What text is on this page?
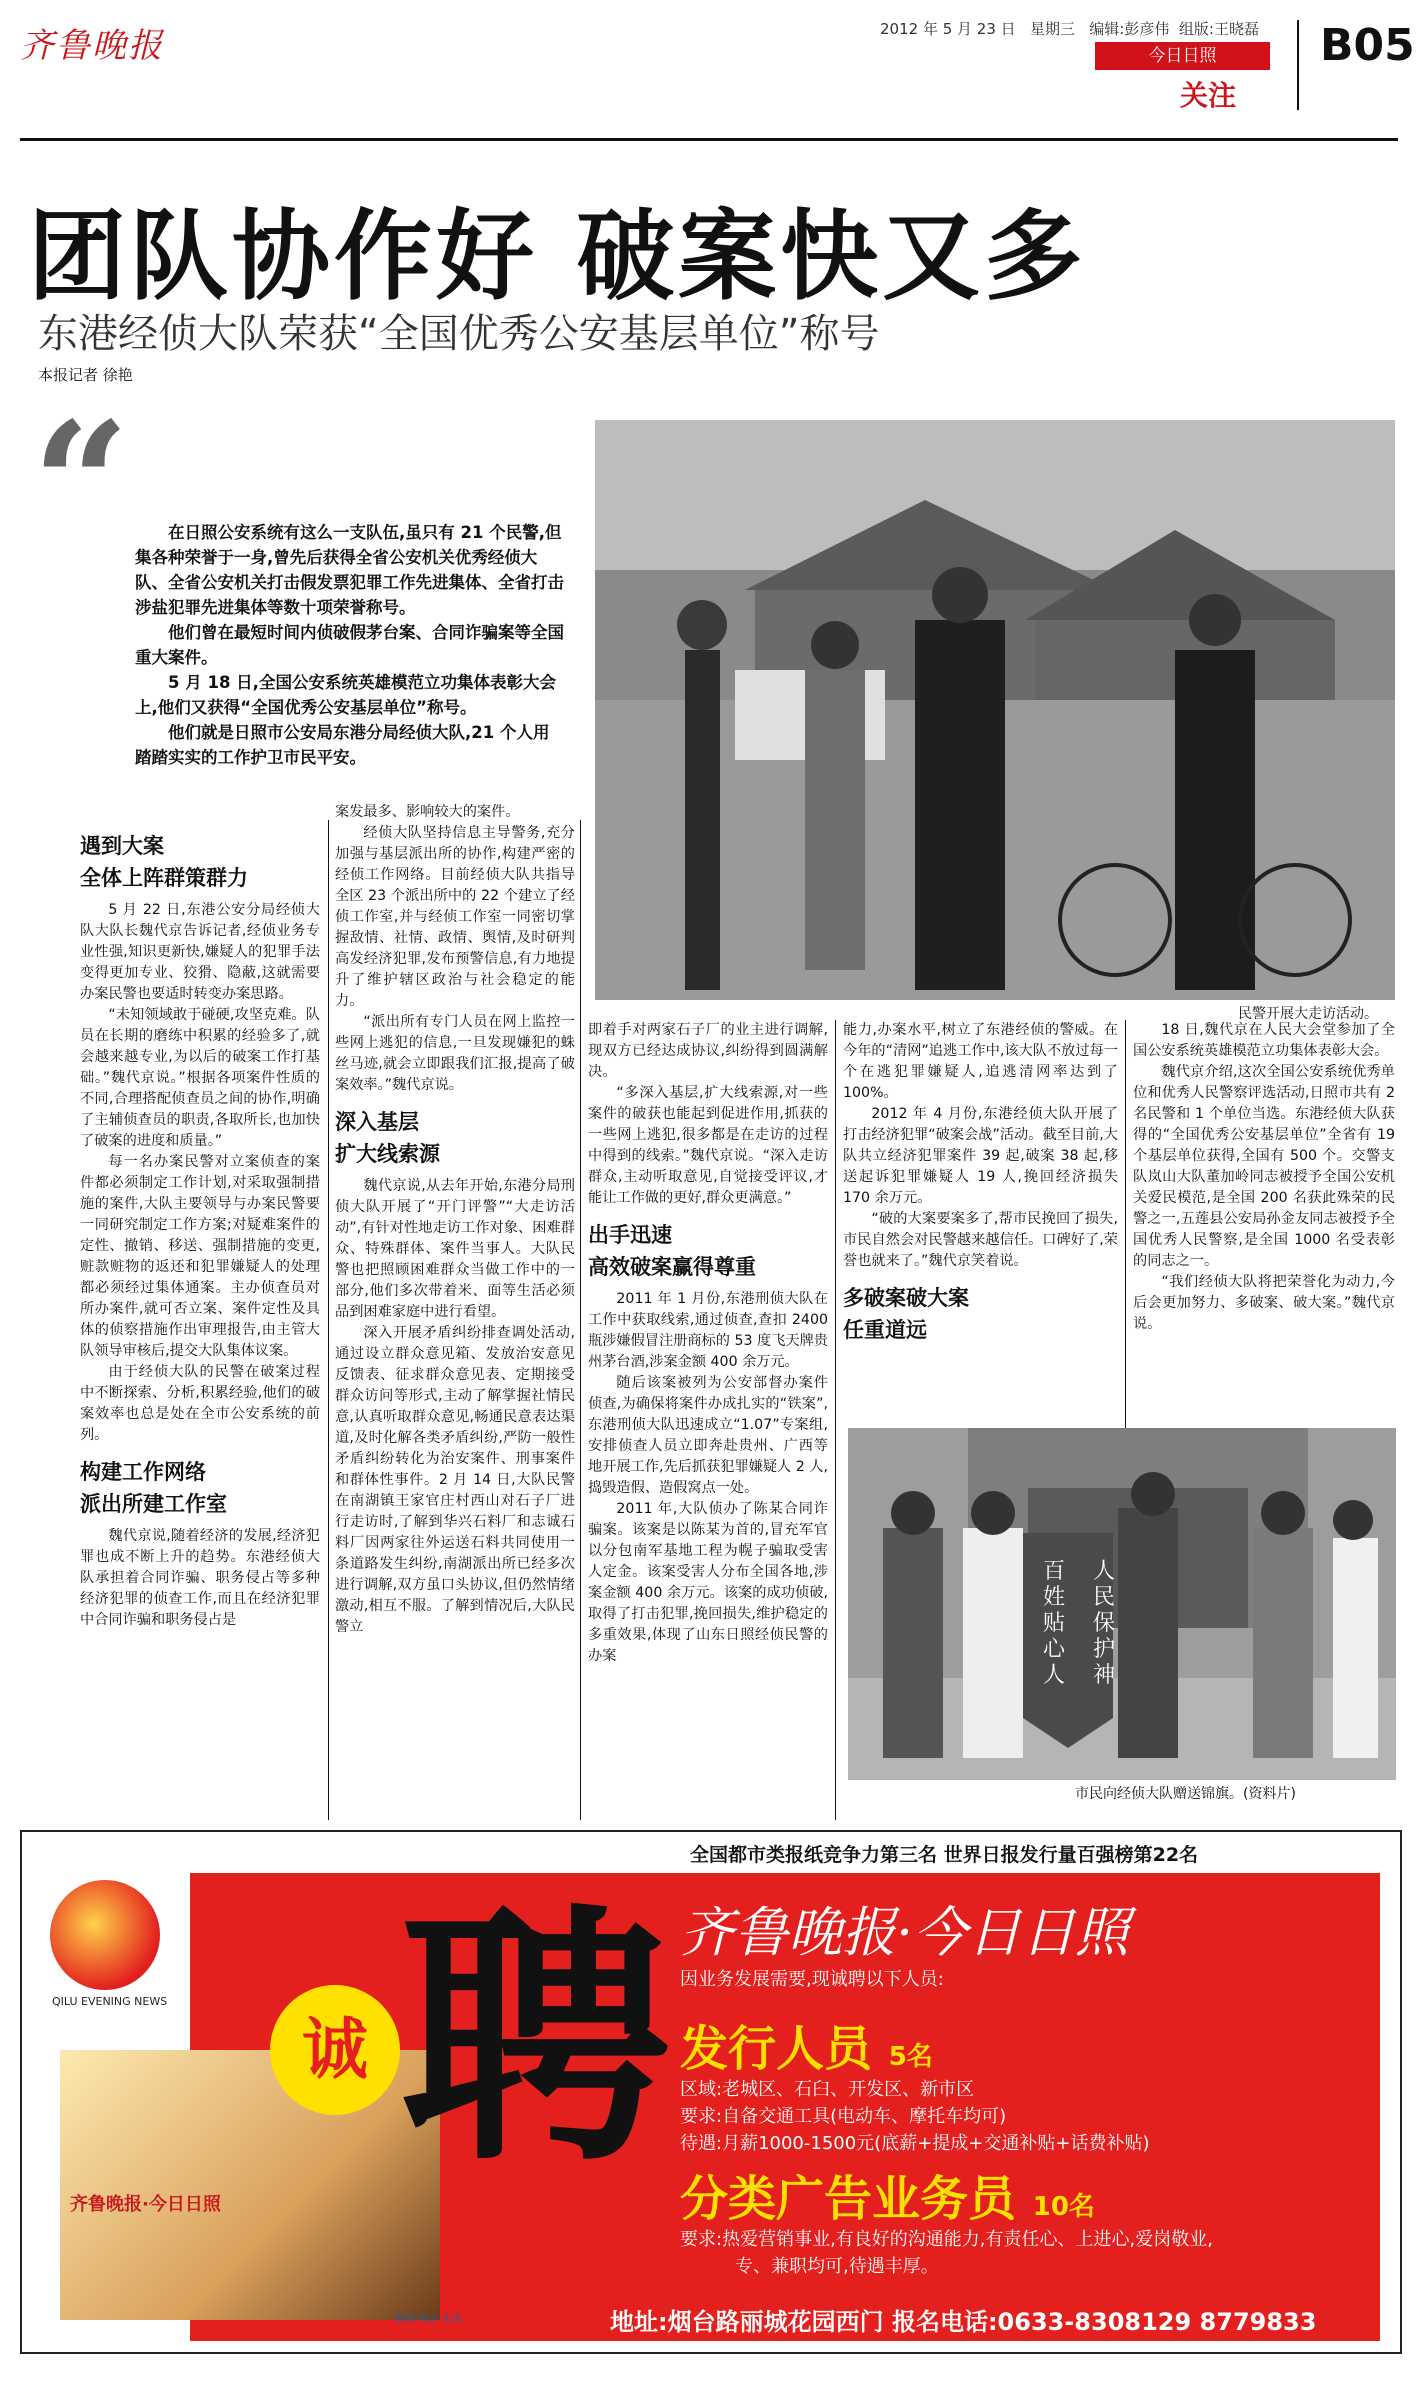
齐鲁晚报	2012 年 5 月 23 日 星期三 编辑:彭彦伟 组版:王晓磊
今日日照
关注
B05
团队协作好 破案快又多
东港经侦大队荣获“全国优秀公安基层单位”称号
本报记者 徐艳
“	在日照公安系统有这么一支队伍,虽只有 21 个民警,但集各种荣誉于一身,曾先后获得全省公安机关优秀经侦大队、全省公安机关打击假发票犯罪工作先进集体、全省打击涉盐犯罪先进集体等数十项荣誉称号。

他们曾在最短时间内侦破假茅台案、合同诈骗案等全国重大案件。

5 月 18 日,全国公安系统英雄模范立功集体表彰大会上,他们又获得“全国优秀公安基层单位”称号。

他们就是日照市公安局东港分局经侦大队,21 个人用踏踏实实的工作护卫市民平安。

民警开展大走访活动。
遇到大案
全体上阵群策群力

5 月 22 日,东港公安分局经侦大队大队长魏代京告诉记者,经侦业务专业性强,知识更新快,嫌疑人的犯罪手法变得更加专业、狡猾、隐蔽,这就需要办案民警也要适时转变办案思路。

“未知领域敢于碰硬,攻坚克难。队员在长期的磨练中积累的经验多了,就会越来越专业,为以后的破案工作打基础。”魏代京说。”根据各项案件性质的不同,合理搭配侦查员之间的协作,明确了主辅侦查员的职责,各取所长,也加快了破案的进度和质量。”

每一名办案民警对立案侦查的案件都必须制定工作计划,对采取强制措施的案件,大队主要领导与办案民警要一同研究制定工作方案;对疑难案件的定性、撤销、移送、强制措施的变更,赃款赃物的返还和犯罪嫌疑人的处理都必须经过集体通案。主办侦查员对所办案件,就可否立案、案件定性及具体的侦察措施作出审理报告,由主管大队领导审核后,提交大队集体议案。

由于经侦大队的民警在破案过程中不断探索、分析,积累经验,他们的破案效率也总是处在全市公安系统的前列。

构建工作网络
派出所建工作室

魏代京说,随着经济的发展,经济犯罪也成不断上升的趋势。东港经侦大队承担着合同诈骗、职务侵占等多种经济犯罪的侦查工作,而且在经济犯罪中合同诈骗和职务侵占是

案发最多、影响较大的案件。

经侦大队坚持信息主导警务,充分加强与基层派出所的协作,构建严密的经侦工作网络。目前经侦大队共指导全区 23 个派出所中的 22 个建立了经侦工作室,并与经侦工作室一同密切掌握敌情、社情、政情、舆情,及时研判高发经济犯罪,发布预警信息,有力地提升了维护辖区政治与社会稳定的能力。

“派出所有专门人员在网上监控一些网上逃犯的信息,一旦发现嫌犯的蛛丝马迹,就会立即跟我们汇报,提高了破案效率。”魏代京说。

深入基层
扩大线索源

魏代京说,从去年开始,东港分局刑侦大队开展了“开门评警”“大走访活动”,有针对性地走访工作对象、困难群众、特殊群体、案件当事人。大队民警也把照顾困难群众当做工作中的一部分,他们多次带着米、面等生活必须品到困难家庭中进行看望。

深入开展矛盾纠纷排查调处活动,通过设立群众意见箱、发放治安意见反馈表、征求群众意见表、定期接受群众访问等形式,主动了解掌握社情民意,认真听取群众意见,畅通民意表达渠道,及时化解各类矛盾纠纷,严防一般性矛盾纠纷转化为治安案件、刑事案件和群体性事件。2 月 14 日,大队民警在南湖镇王家官庄村西山对石子厂进行走访时,了解到华兴石料厂和志诚石料厂因两家往外运送石料共同使用一条道路发生纠纷,南湖派出所已经多次进行调解,双方虽口头协议,但仍然情绪激动,相互不服。了解到情况后,大队民警立

即着手对两家石子厂的业主进行调解,现双方已经达成协议,纠纷得到圆满解决。

“多深入基层,扩大线索源,对一些案件的破获也能起到促进作用,抓获的一些网上逃犯,很多都是在走访的过程中得到的线索。”魏代京说。“深入走访群众,主动听取意见,自觉接受评议,才能让工作做的更好,群众更满意。”

出手迅速
高效破案赢得尊重

2011 年 1 月份,东港刑侦大队在工作中获取线索,通过侦查,查扣 2400 瓶涉嫌假冒注册商标的 53 度飞天牌贵州茅台酒,涉案金额 400 余万元。

随后该案被列为公安部督办案件侦查,为确保将案件办成扎实的“铁案”,东港刑侦大队迅速成立“1.07”专案组,安排侦查人员立即奔赴贵州、广西等地开展工作,先后抓获犯罪嫌疑人 2 人,捣毁造假、造假窝点一处。

2011 年,大队侦办了陈某合同诈骗案。该案是以陈某为首的,冒充军官以分包南军基地工程为幌子骗取受害人定金。该案受害人分布全国各地,涉案金额 400 余万元。该案的成功侦破,取得了打击犯罪,挽回损失,维护稳定的多重效果,体现了山东日照经侦民警的办案

能力,办案水平,树立了东港经侦的警威。在今年的“清网”追逃工作中,该大队不放过每一个在逃犯罪嫌疑人,追逃清网率达到了 100%。

2012 年 4 月份,东港经侦大队开展了打击经济犯罪“破案会战”活动。截至目前,大队共立经济犯罪案件 39 起,破案 38 起,移送起诉犯罪嫌疑人 19 人,挽回经济损失 170 余万元。

“破的大案要案多了,帮市民挽回了损失,市民自然会对民警越来越信任。口碑好了,荣誉也就来了。”魏代京笑着说。

多破案破大案
任重道远

18 日,魏代京在人民大会堂参加了全国公安系统英雄模范立功集体表彰大会。

魏代京介绍,这次全国公安系统优秀单位和优秀人民警察评选活动,日照市共有 2 名民警和 1 个单位当选。东港经侦大队获得的“全国优秀公安基层单位”全省有 19 个基层单位获得,全国有 500 个。交警支队岚山大队董加岭同志被授予全国公安机关爱民模范,是全国 200 名获此殊荣的民警之一,五莲县公安局孙金友同志被授予全国优秀人民警察,是全国 1000 名受表彰的同志之一。

“我们经侦大队将把荣誉化为动力,今后会更加努力、多破案、破大案。”魏代京说。

人民保护神
百姓贴心人
市民向经侦大队赠送锦旗。(资料片)
全国都市类报纸竞争力第三名 世界日报发行量百强榜第22名
QILU EVENING NEWS
齐鲁晚报·今日日照
聘
诚
齐鲁晚报·今日日照
因业务发展需要,现诚聘以下人员:
发行人员 5名
区域:老城区、石臼、开发区、新市区
要求:自备交通工具(电动车、摩托车均可)
待遇:月薪1000-1500元(底薪+提成+交通补贴+话费补贴)
分类广告业务员 10名
要求:热爱营销事业,有良好的沟通能力,有责任心、上进心,爱岗敬业,
专、兼职均可,待遇丰厚。
地址:烟台路丽城花园西门 报名电话:0633-8308129 8779833
新闻·见证·未来
